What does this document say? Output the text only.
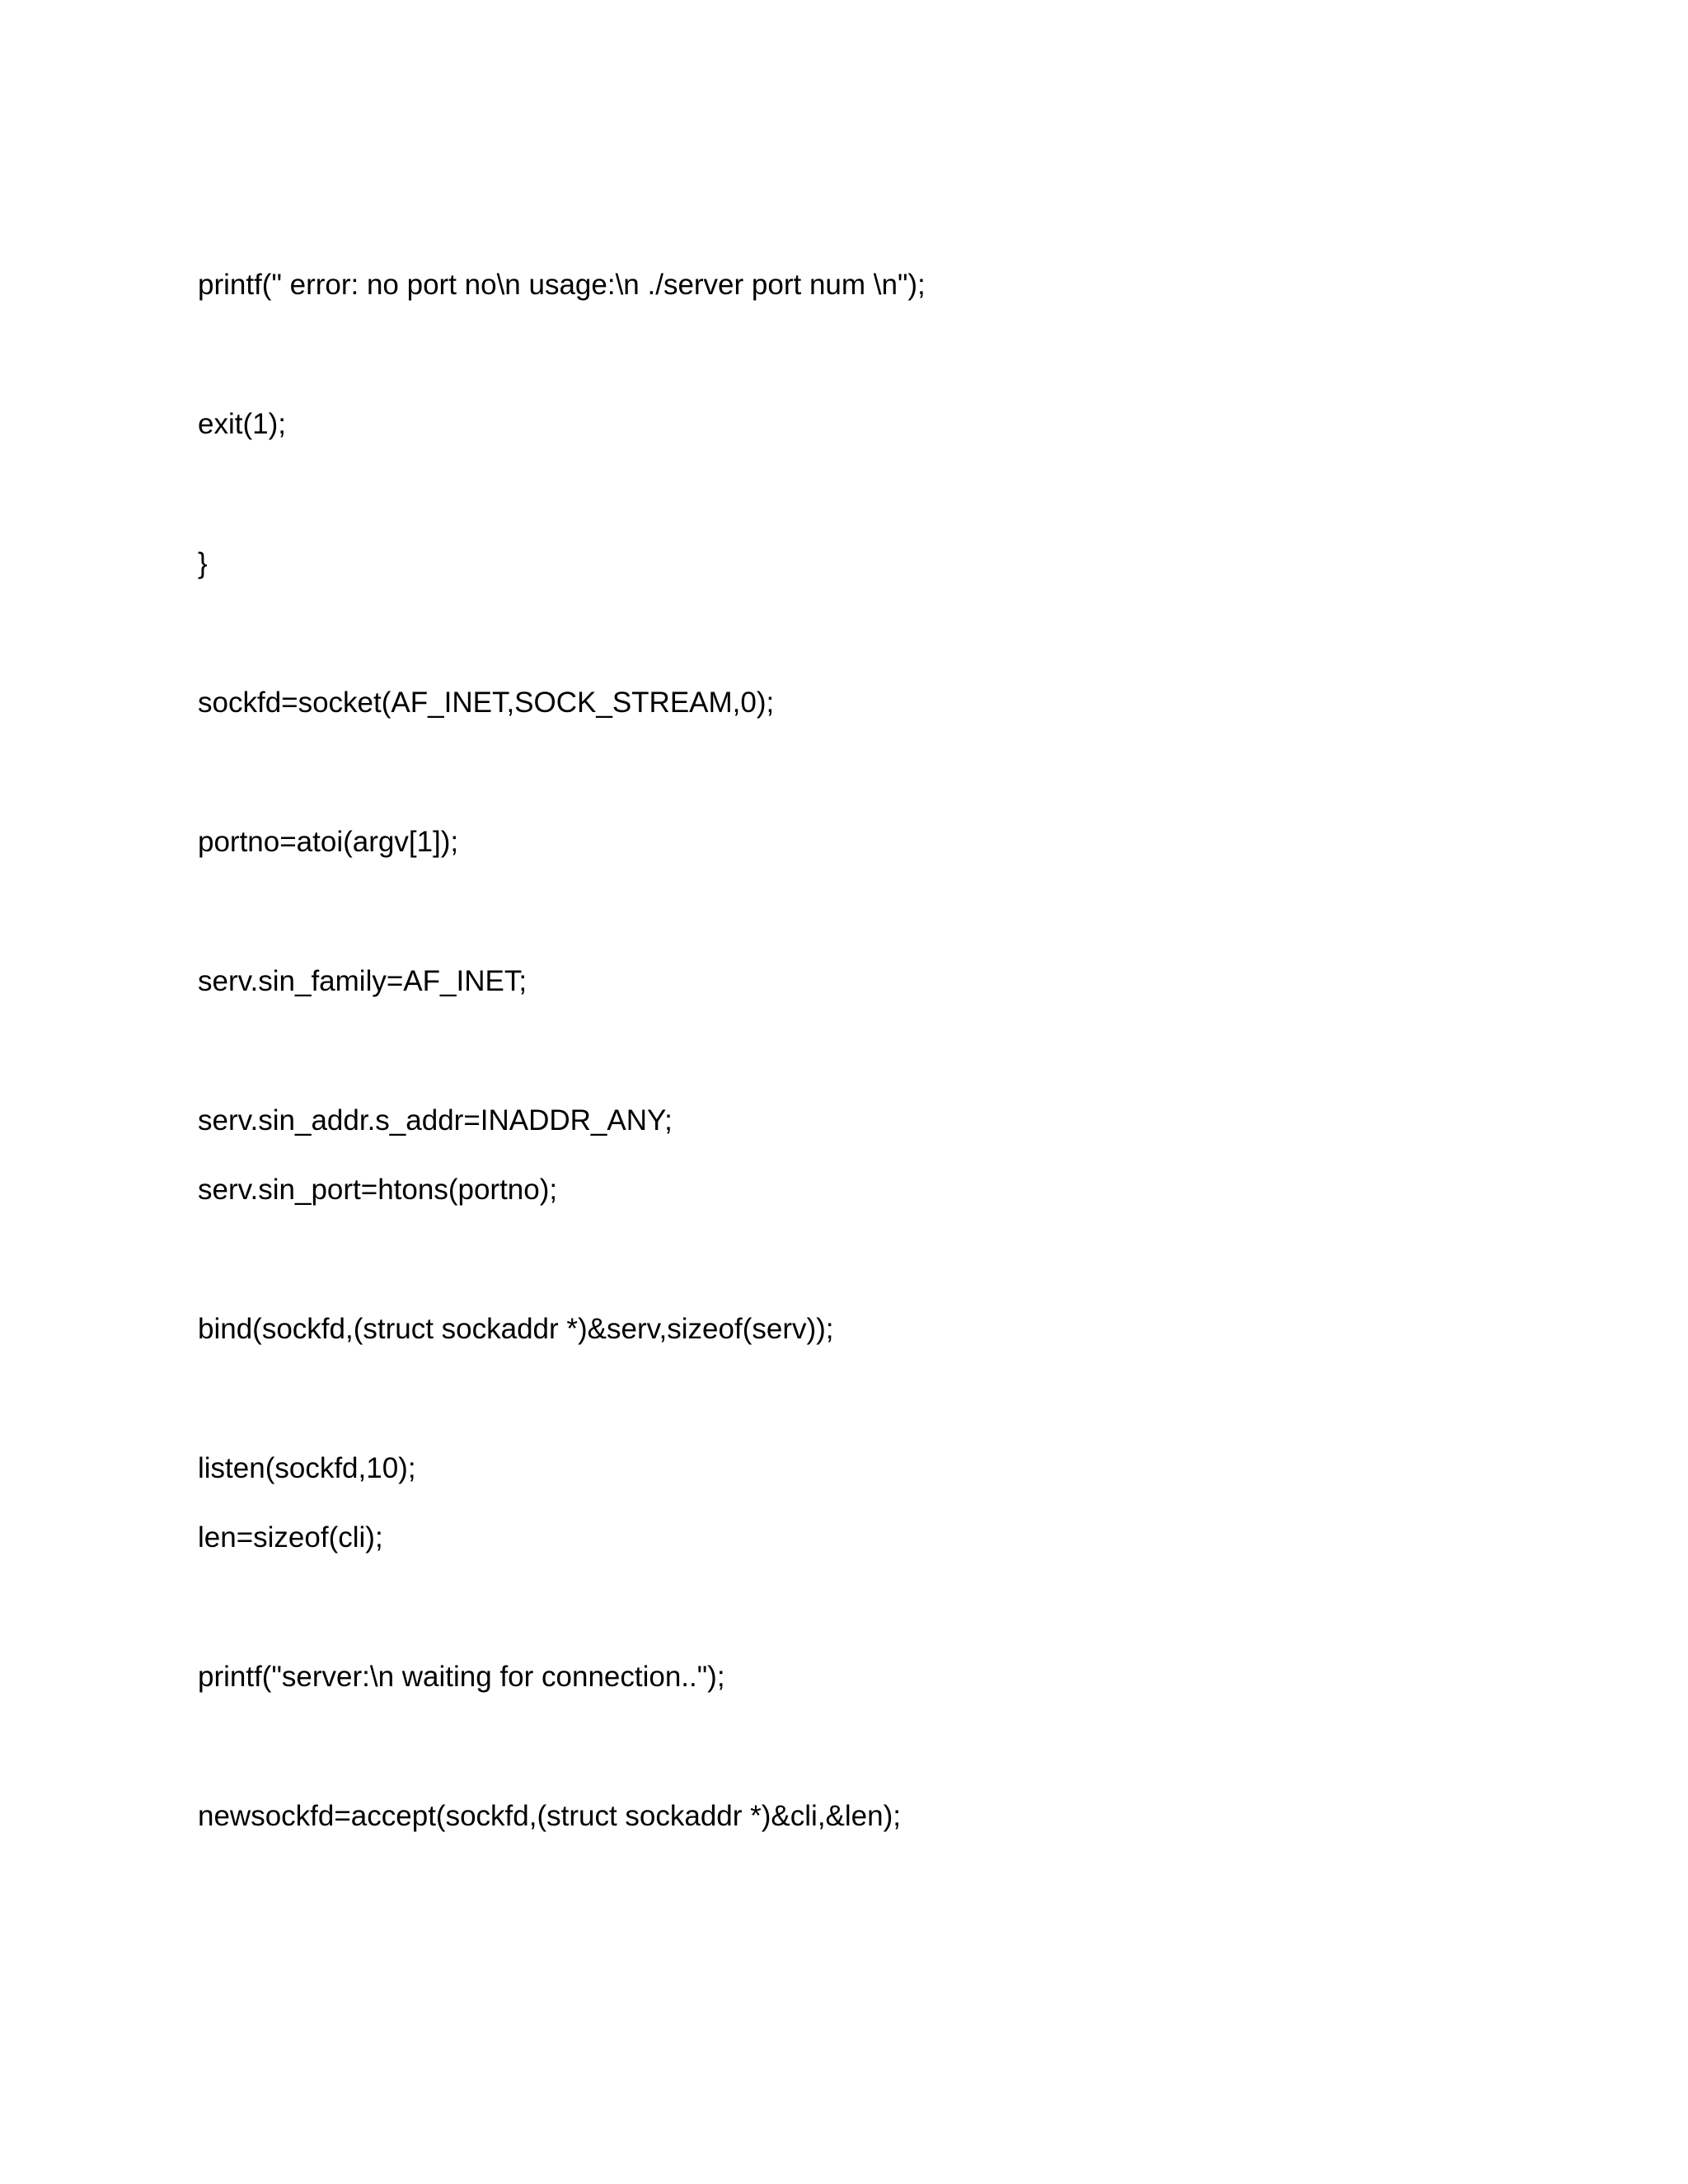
printf(" error: no port no\n usage:\n ./server port num \n");

exit(1);

}

sockfd=socket(AF_INET,SOCK_STREAM,0);

portno=atoi(argv[1]);

serv.sin_family=AF_INET;

serv.sin_addr.s_addr=INADDR_ANY;

serv.sin_port=htons(portno);

bind(sockfd,(struct sockaddr *)&serv,sizeof(serv));

listen(sockfd,10);

len=sizeof(cli);

printf("server:\n waiting for connection..");

newsockfd=accept(sockfd,(struct sockaddr *)&cli,&len);
